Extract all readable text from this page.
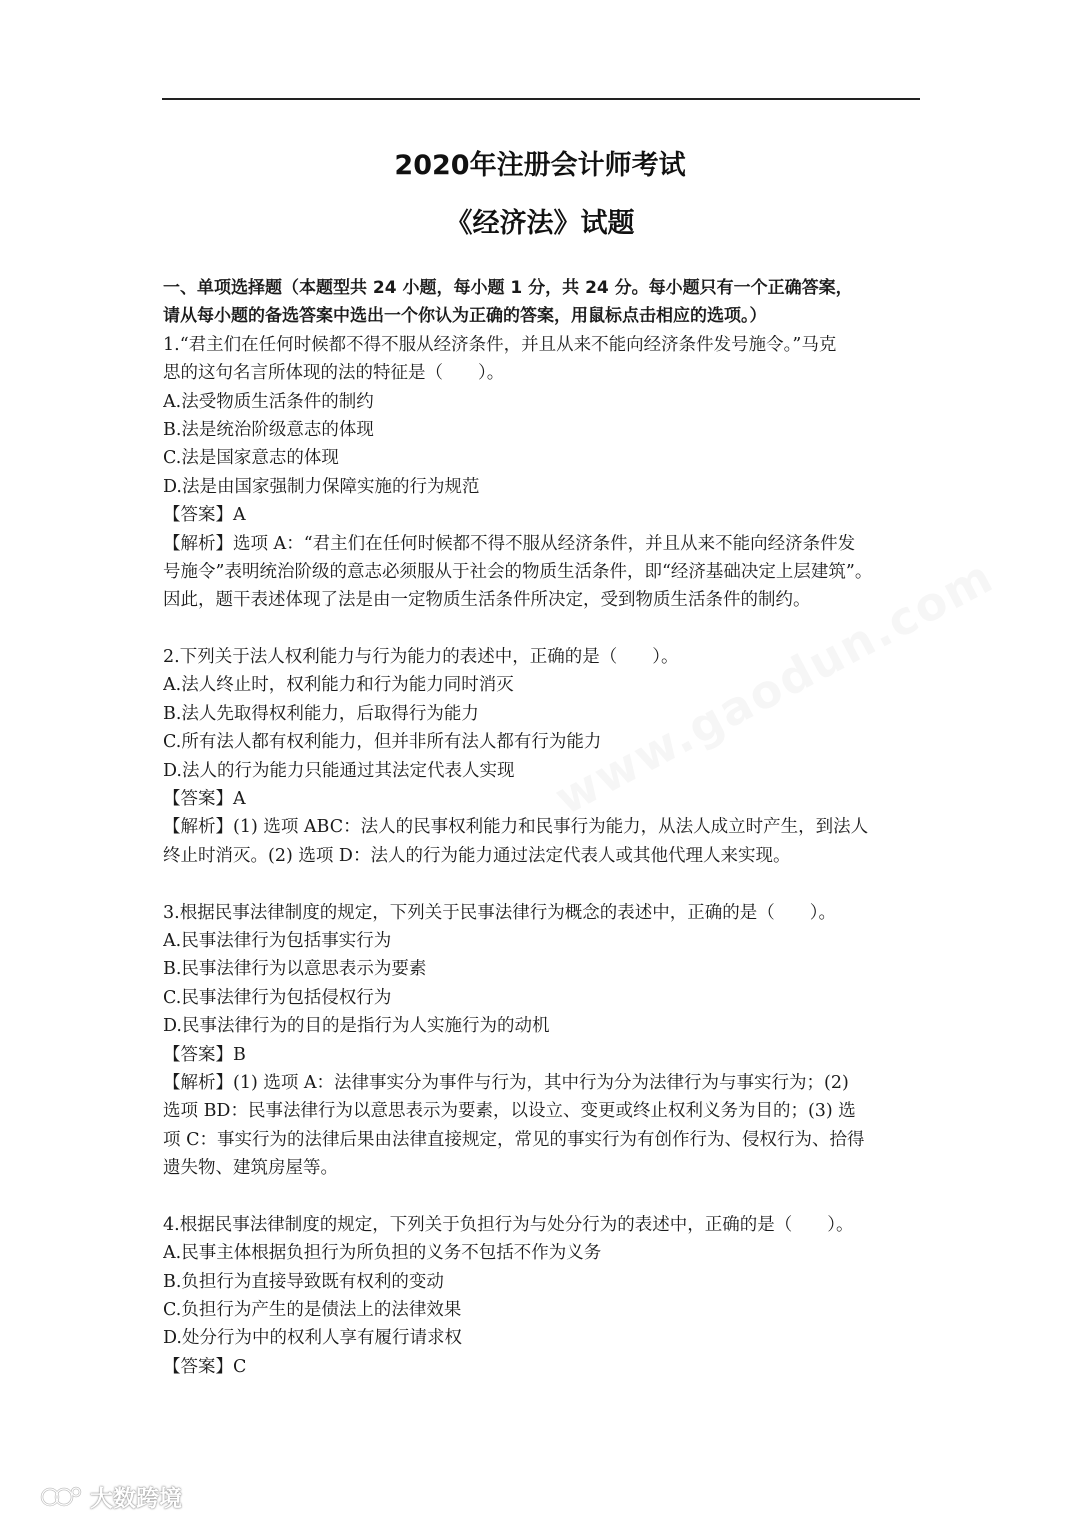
2020年注册会计师考试
《经济法》试题
一、单项选择题（本题型共 24 小题，每小题 1 分，共 24 分。每小题只有一个正确答案，
请从每小题的备选答案中选出一个你认为正确的答案，用鼠标点击相应的选项。）
1.“君主们在任何时候都不得不服从经济条件，并且从来不能向经济条件发号施令。”马克
思的这句名言所体现的法的特征是（　　）。
A.法受物质生活条件的制约
B.法是统治阶级意志的体现
C.法是国家意志的体现
D.法是由国家强制力保障实施的行为规范
【答案】A
【解析】选项 A：“君主们在任何时候都不得不服从经济条件，并且从来不能向经济条件发
号施令”表明统治阶级的意志必须服从于社会的物质生活条件，即“经济基础决定上层建筑”。
因此，题干表述体现了法是由一定物质生活条件所决定，受到物质生活条件的制约。
2.下列关于法人权利能力与行为能力的表述中，正确的是（　　）。
A.法人终止时，权利能力和行为能力同时消灭
B.法人先取得权利能力，后取得行为能力
C.所有法人都有权利能力，但并非所有法人都有行为能力
D.法人的行为能力只能通过其法定代表人实现
【答案】A
【解析】(1) 选项 ABC：法人的民事权利能力和民事行为能力，从法人成立时产生，到法人
终止时消灭。(2) 选项 D：法人的行为能力通过法定代表人或其他代理人来实现。
3.根据民事法律制度的规定，下列关于民事法律行为概念的表述中，正确的是（　　）。
A.民事法律行为包括事实行为
B.民事法律行为以意思表示为要素
C.民事法律行为包括侵权行为
D.民事法律行为的目的是指行为人实施行为的动机
【答案】B
【解析】(1) 选项 A：法律事实分为事件与行为，其中行为分为法律行为与事实行为；(2)
选项 BD：民事法律行为以意思表示为要素，以设立、变更或终止权利义务为目的；(3) 选
项 C：事实行为的法律后果由法律直接规定，常见的事实行为有创作行为、侵权行为、拾得
遗失物、建筑房屋等。
4.根据民事法律制度的规定，下列关于负担行为与处分行为的表述中，正确的是（　　）。
A.民事主体根据负担行为所负担的义务不包括不作为义务
B.负担行为直接导致既有权利的变动
C.负担行为产生的是债法上的法律效果
D.处分行为中的权利人享有履行请求权
【答案】C
大数跨境
